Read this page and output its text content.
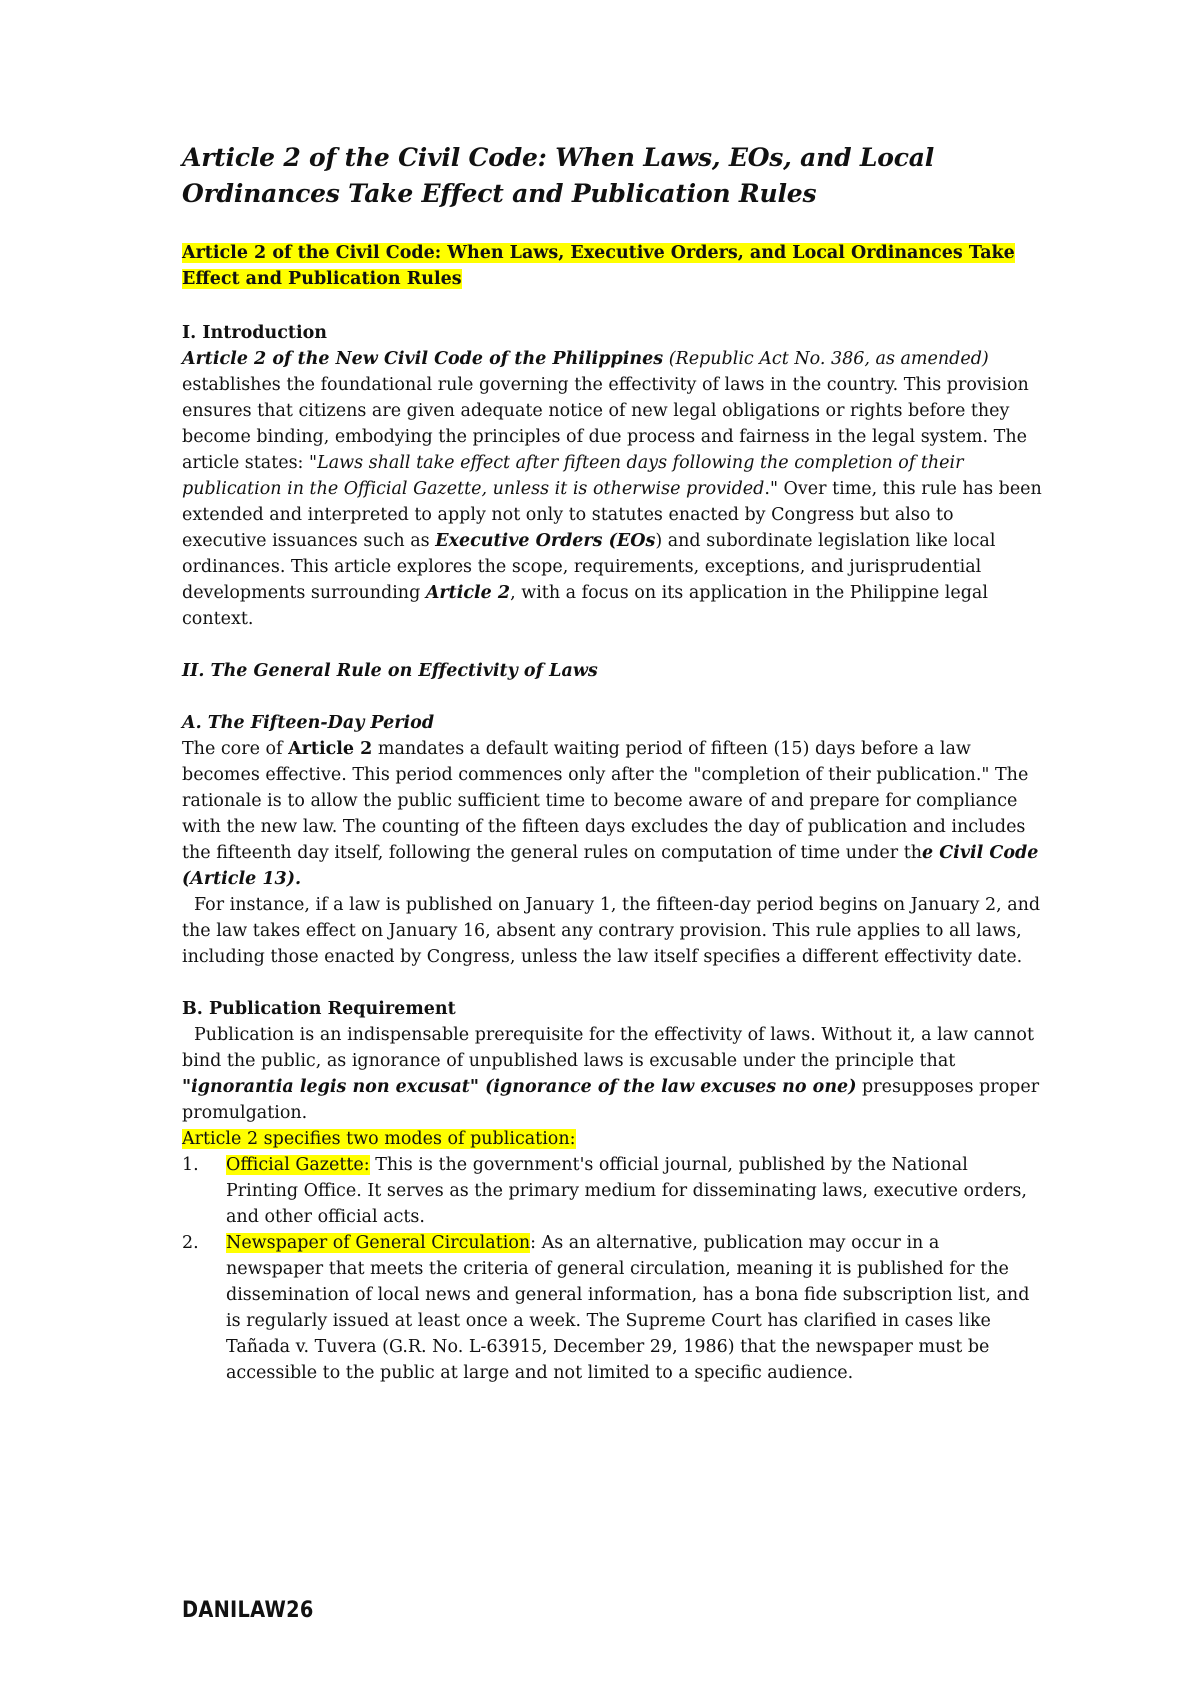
Article 2 of the Civil Code: When Laws, EOs, and Local Ordinances Take Effect and Publication Rules

Article 2 of the Civil Code: When Laws, Executive Orders, and Local Ordinances Take Effect and Publication Rules

I. Introduction

Article 2 of the New Civil Code of the Philippines (Republic Act No. 386, as amended) establishes the foundational rule governing the effectivity of laws in the country. This provision ensures that citizens are given adequate notice of new legal obligations or rights before they become binding, embodying the principles of due process and fairness in the legal system. The article states: "Laws shall take effect after fifteen days following the completion of their publication in the Official Gazette, unless it is otherwise provided." Over time, this rule has been extended and interpreted to apply not only to statutes enacted by Congress but also to executive issuances such as Executive Orders (EOs) and subordinate legislation like local ordinances. This article explores the scope, requirements, exceptions, and jurisprudential developments surrounding Article 2, with a focus on its application in the Philippine legal context.

II. The General Rule on Effectivity of Laws

A. The Fifteen-Day Period

The core of Article 2 mandates a default waiting period of fifteen (15) days before a law becomes effective. This period commences only after the "completion of their publication." The rationale is to allow the public sufficient time to become aware of and prepare for compliance with the new law. The counting of the fifteen days excludes the day of publication and includes the fifteenth day itself, following the general rules on computation of time under the Civil Code (Article 13).

For instance, if a law is published on January 1, the fifteen-day period begins on January 2, and the law takes effect on January 16, absent any contrary provision. This rule applies to all laws, including those enacted by Congress, unless the law itself specifies a different effectivity date.

B. Publication Requirement

Publication is an indispensable prerequisite for the effectivity of laws. Without it, a law cannot bind the public, as ignorance of unpublished laws is excusable under the principle that "ignorantia legis non excusat" (ignorance of the law excuses no one) presupposes proper promulgation.

Article 2 specifies two modes of publication:

1. Official Gazette: This is the government's official journal, published by the National Printing Office. It serves as the primary medium for disseminating laws, executive orders, and other official acts.
2. Newspaper of General Circulation: As an alternative, publication may occur in a newspaper that meets the criteria of general circulation, meaning it is published for the dissemination of local news and general information, has a bona fide subscription list, and is regularly issued at least once a week. The Supreme Court has clarified in cases like Tañada v. Tuvera (G.R. No. L-63915, December 29, 1986) that the newspaper must be accessible to the public at large and not limited to a specific audience.
DANILAW26
